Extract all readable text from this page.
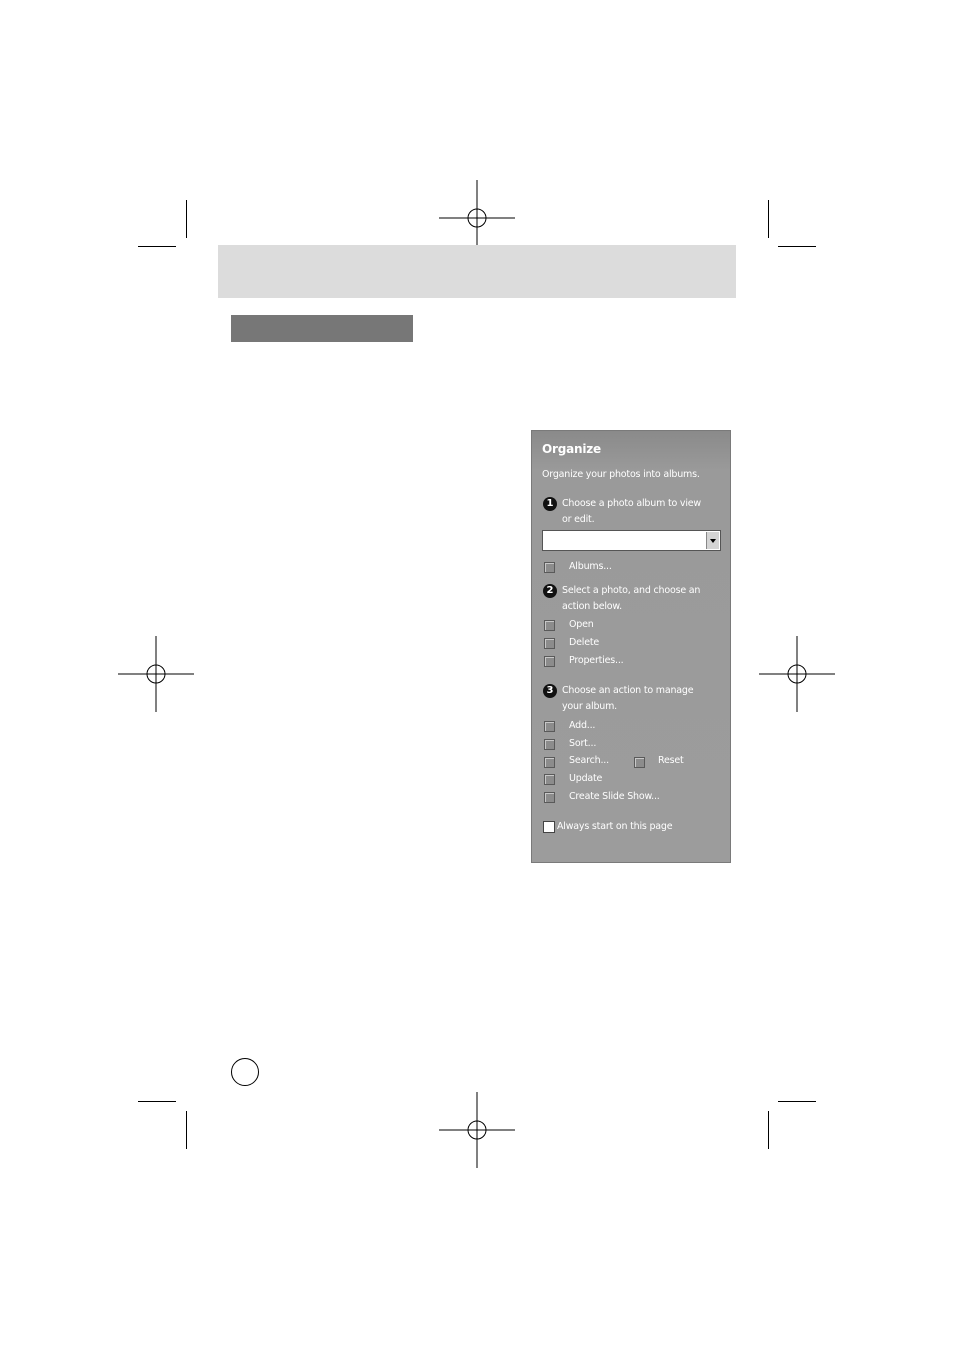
Organize
Organize your photos into albums.
1 Choose a photo album to view
or edit.
Albums...
2 Select a photo, and choose an
action below.
Open
Delete
Properties...
3 Choose an action to manage
your album.
Add...
Sort...
Search...	Reset
Update
Create Slide Show...
Always start on this page
